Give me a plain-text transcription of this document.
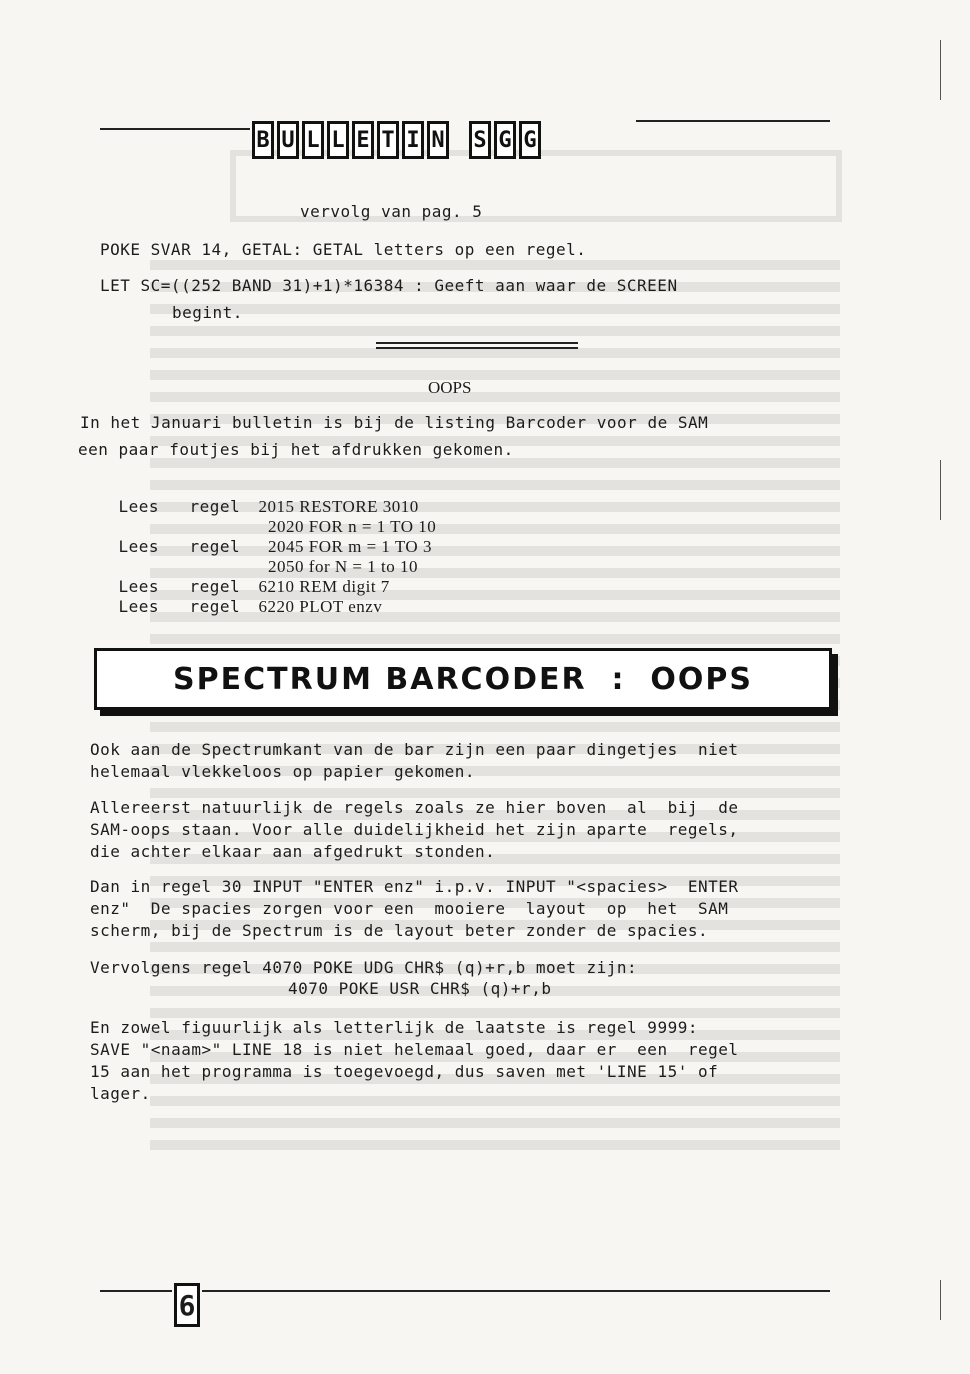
B U L L E T I N S G G
vervolg van pag. 5
POKE SVAR 14, GETAL: GETAL letters op een regel.
LET SC=((252 BAND 31)+1)*16384 : Geeft aan waar de SCREEN
begint.
OOPS
In het Januari bulletin is bij de listing Barcoder voor de SAM
een paar foutjes bij het afdrukken gekomen.

Lees   regel 2015 RESTORE 3010

2020 FOR n = 1 TO 10

Lees   regel  2045 FOR m = 1 TO 3

2050 for N = 1 to 10

Lees   regel 6210 REM digit 7

Lees   regel 6220 PLOT enzv

SPECTRUM BARCODER  :  OOPS
Ook aan de Spectrumkant van de bar zijn een paar dingetjes  niet
helemaal vlekkeloos op papier gekomen.
Allereerst natuurlijk de regels zoals ze hier boven  al  bij  de
SAM-oops staan. Voor alle duidelijkheid het zijn aparte  regels,
die achter elkaar aan afgedrukt stonden.
Dan in regel 30 INPUT "ENTER enz" i.p.v. INPUT "<spacies>  ENTER
enz"  De spacies zorgen voor een  mooiere  layout  op  het  SAM
scherm, bij de Spectrum is de layout beter zonder de spacies.
Vervolgens regel 4070 POKE UDG CHR$ (q)+r,b moet zijn:
4070 POKE USR CHR$ (q)+r,b
En zowel figuurlijk als letterlijk de laatste is regel 9999:
SAVE "<naam>" LINE 18 is niet helemaal goed, daar er  een  regel
15 aan het programma is toegevoegd, dus saven met 'LINE 15' of
lager.
6
